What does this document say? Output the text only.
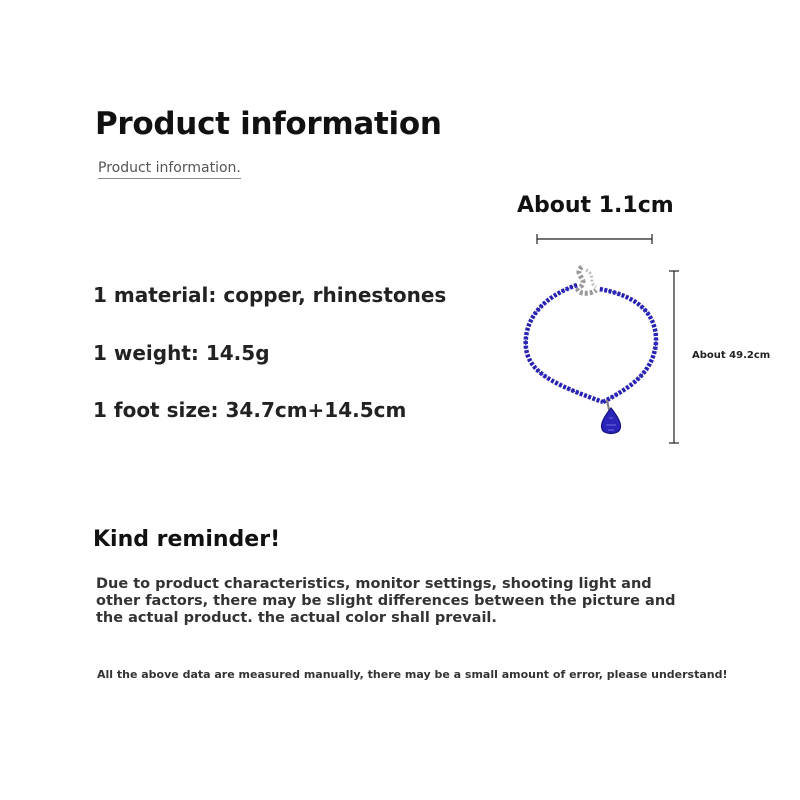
Product information
Product information.
1 material: copper, rhinestones
1 weight: 14.5g
1 foot size: 34.7cm+14.5cm
About 1.1cm
About 49.2cm
Kind reminder!
Due to product characteristics, monitor settings, shooting light and other factors, there may be slight differences between the picture and the actual product. the actual color shall prevail.
All the above data are measured manually, there may be a small amount of error, please understand!
